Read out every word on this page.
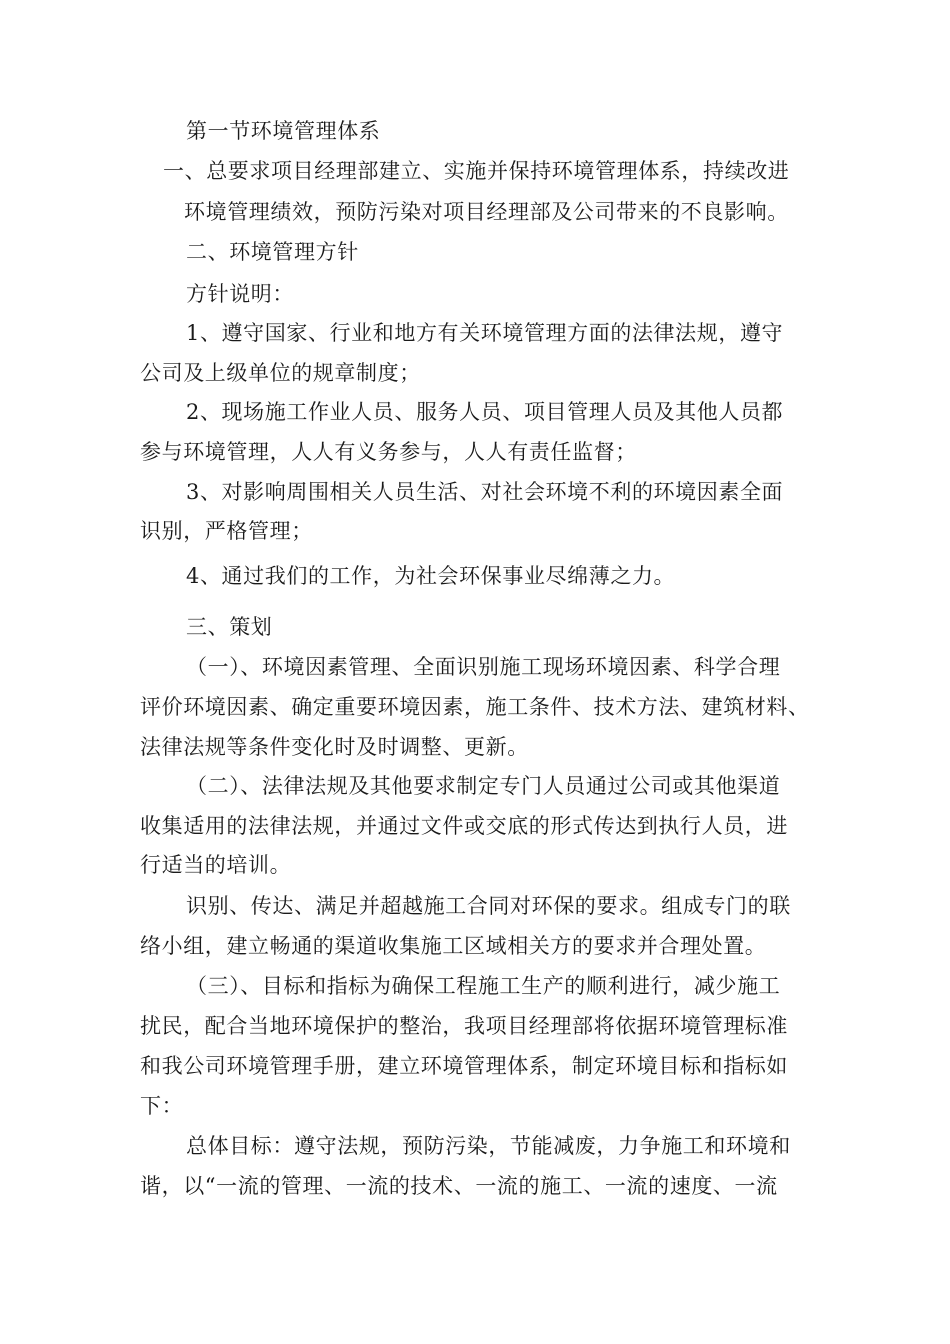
第一节环境管理体系
一、总要求项目经理部建立、实施并保持环境管理体系，持续改进
环境管理绩效，预防污染对项目经理部及公司带来的不良影响。
二、环境管理方针
方针说明：
1、遵守国家、行业和地方有关环境管理方面的法律法规，遵守
公司及上级单位的规章制度；
2、现场施工作业人员、服务人员、项目管理人员及其他人员都
参与环境管理，人人有义务参与，人人有责任监督；
3、对影响周围相关人员生活、对社会环境不利的环境因素全面
识别，严格管理；
4、通过我们的工作，为社会环保事业尽绵薄之力。
三、策划
（一）、环境因素管理、全面识别施工现场环境因素、科学合理
评价环境因素、确定重要环境因素，施工条件、技术方法、建筑材料、
法律法规等条件变化时及时调整、更新。
（二）、法律法规及其他要求制定专门人员通过公司或其他渠道
收集适用的法律法规，并通过文件或交底的形式传达到执行人员，进
行适当的培训。
识别、传达、满足并超越施工合同对环保的要求。组成专门的联
络小组，建立畅通的渠道收集施工区域相关方的要求并合理处置。
（三）、目标和指标为确保工程施工生产的顺利进行，减少施工
扰民，配合当地环境保护的整治，我项目经理部将依据环境管理标准
和我公司环境管理手册，建立环境管理体系，制定环境目标和指标如
下：
总体目标：遵守法规，预防污染，节能减废，力争施工和环境和
谐，以“一流的管理、一流的技术、一流的施工、一流的速度、一流
